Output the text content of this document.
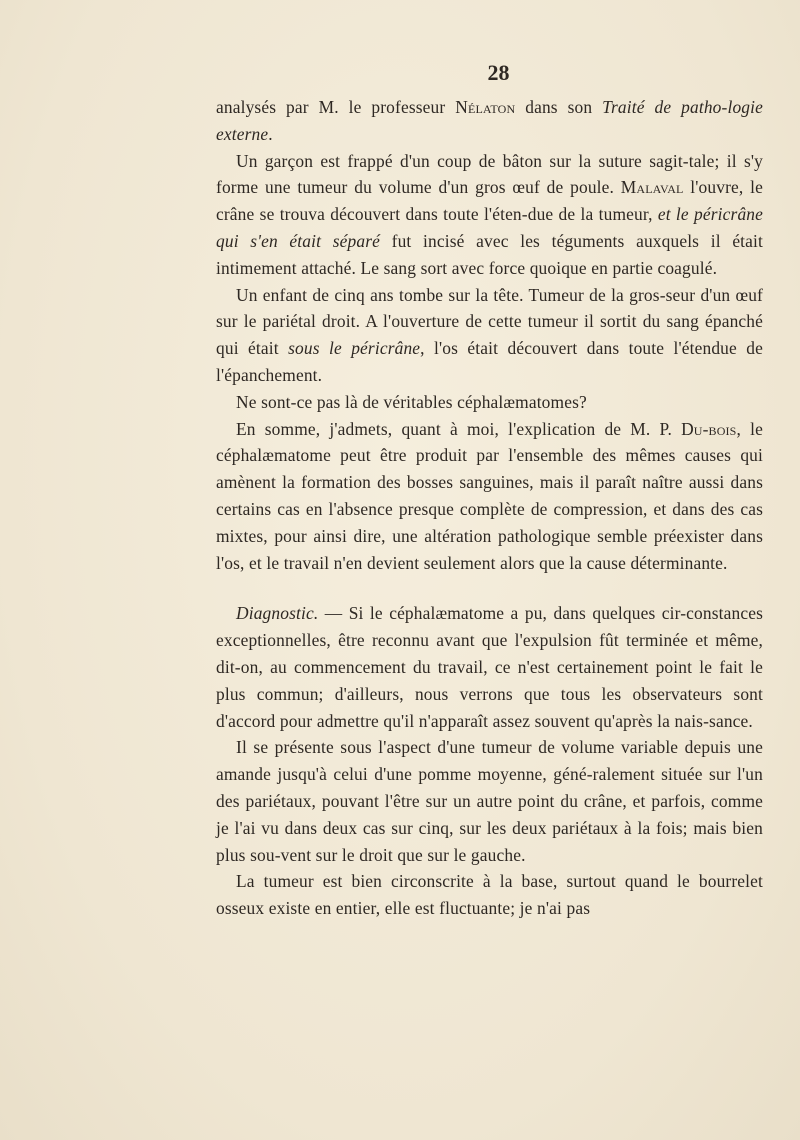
28

analysés par M. le professeur Nélaton dans son Traité de patho-logie externe.

Un garçon est frappé d'un coup de bâton sur la suture sagit-tale; il s'y forme une tumeur du volume d'un gros œuf de poule. Malaval l'ouvre, le crâne se trouva découvert dans toute l'éten-due de la tumeur, et le péricrâne qui s'en était séparé fut incisé avec les téguments auxquels il était intimement attaché. Le sang sort avec force quoique en partie coagulé.

Un enfant de cinq ans tombe sur la tête. Tumeur de la gros-seur d'un œuf sur le pariétal droit. A l'ouverture de cette tumeur il sortit du sang épanché qui était sous le péricrâne, l'os était découvert dans toute l'étendue de l'épanchement.

Ne sont-ce pas là de véritables céphalæmatomes?

En somme, j'admets, quant à moi, l'explication de M. P. Du-bois, le céphalæmatome peut être produit par l'ensemble des mêmes causes qui amènent la formation des bosses sanguines, mais il paraît naître aussi dans certains cas en l'absence presque complète de compression, et dans des cas mixtes, pour ainsi dire, une altération pathologique semble préexister dans l'os, et le travail n'en devient seulement alors que la cause déterminante.

Diagnostic. — Si le céphalæmatome a pu, dans quelques cir-constances exceptionnelles, être reconnu avant que l'expulsion fût terminée et même, dit-on, au commencement du travail, ce n'est certainement point le fait le plus commun; d'ailleurs, nous verrons que tous les observateurs sont d'accord pour admettre qu'il n'apparaît assez souvent qu'après la nais-sance.

Il se présente sous l'aspect d'une tumeur de volume variable depuis une amande jusqu'à celui d'une pomme moyenne, géné-ralement située sur l'un des pariétaux, pouvant l'être sur un autre point du crâne, et parfois, comme je l'ai vu dans deux cas sur cinq, sur les deux pariétaux à la fois; mais bien plus sou-vent sur le droit que sur le gauche.

La tumeur est bien circonscrite à la base, surtout quand le bourrelet osseux existe en entier, elle est fluctuante; je n'ai pas
